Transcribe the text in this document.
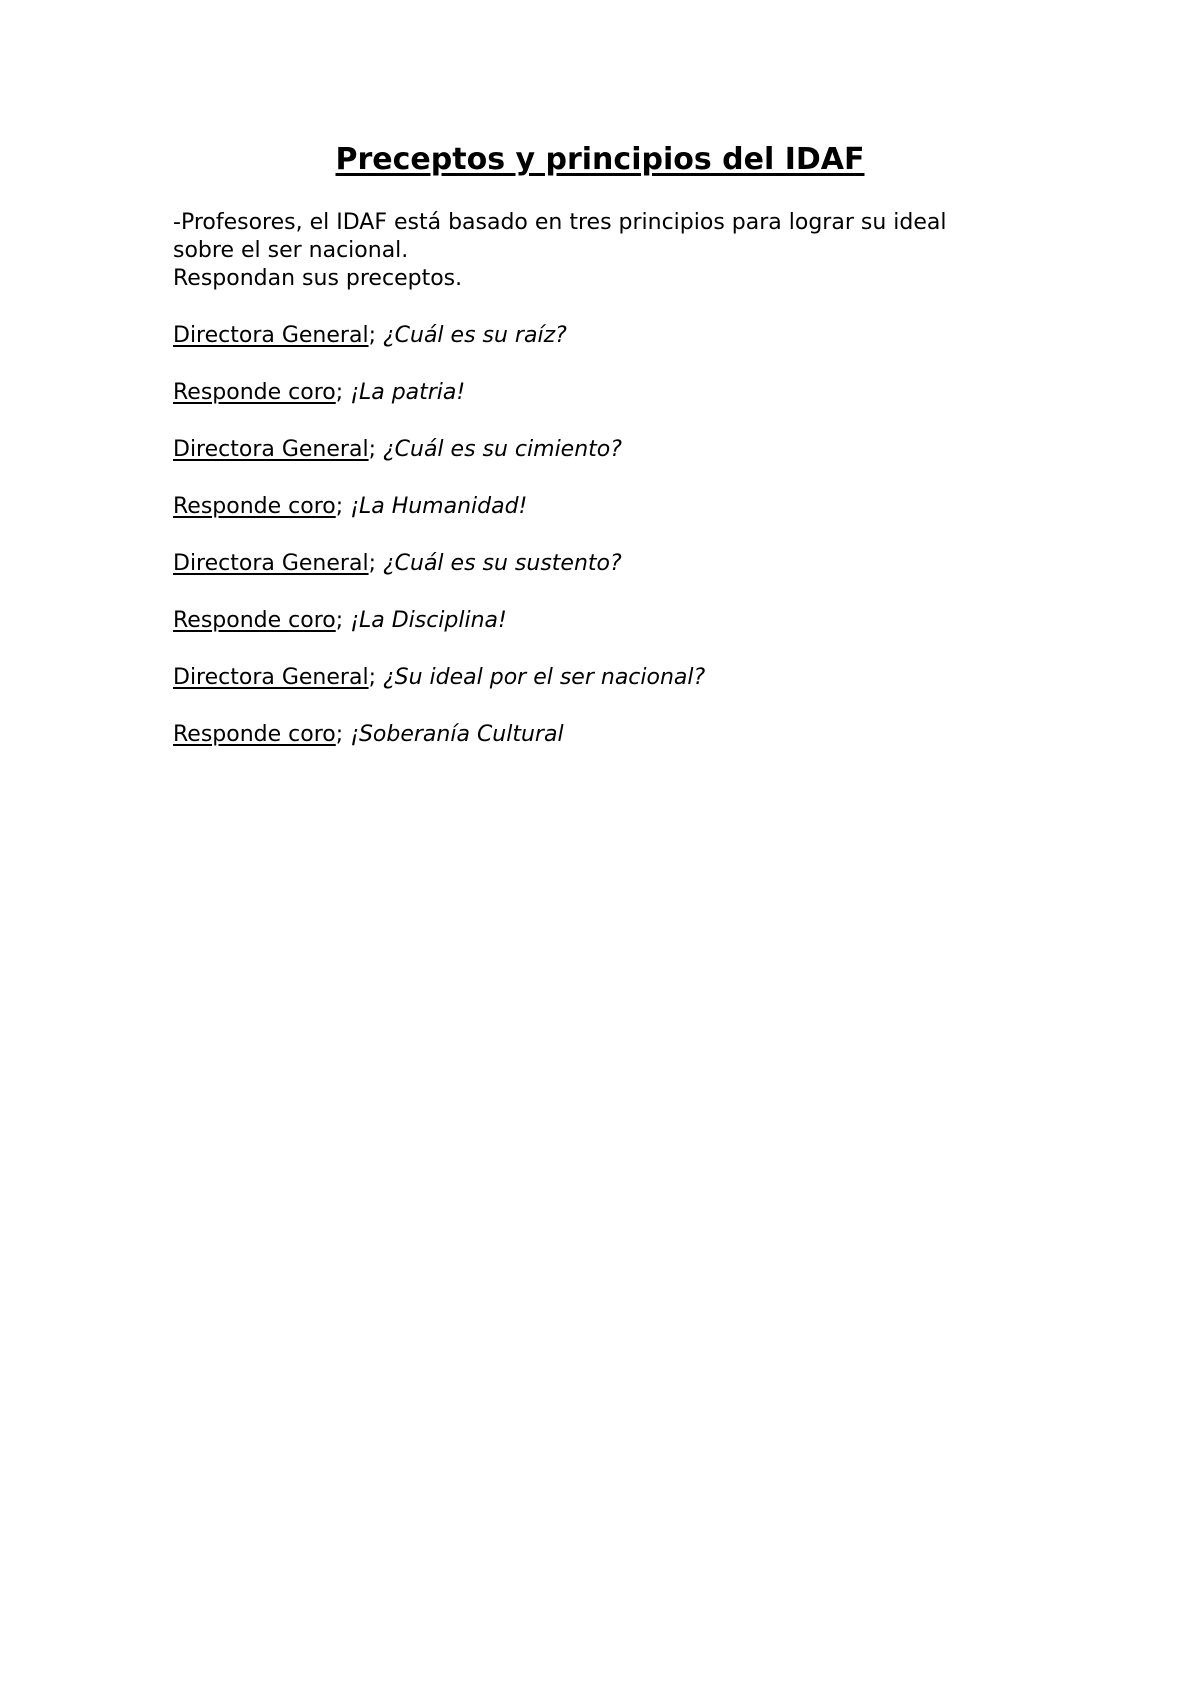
Preceptos y principios del IDAF
-Profesores, el IDAF está basado en tres principios para lograr su ideal
sobre el ser nacional.
Respondan sus preceptos.
Directora General; ¿Cuál es su raíz?
Responde coro; ¡La patria!
Directora General; ¿Cuál es su cimiento?
Responde coro; ¡La Humanidad!
Directora General; ¿Cuál es su sustento?
Responde coro; ¡La Disciplina!
Directora General; ¿Su ideal por el ser nacional?
Responde coro; ¡Soberanía Cultural
